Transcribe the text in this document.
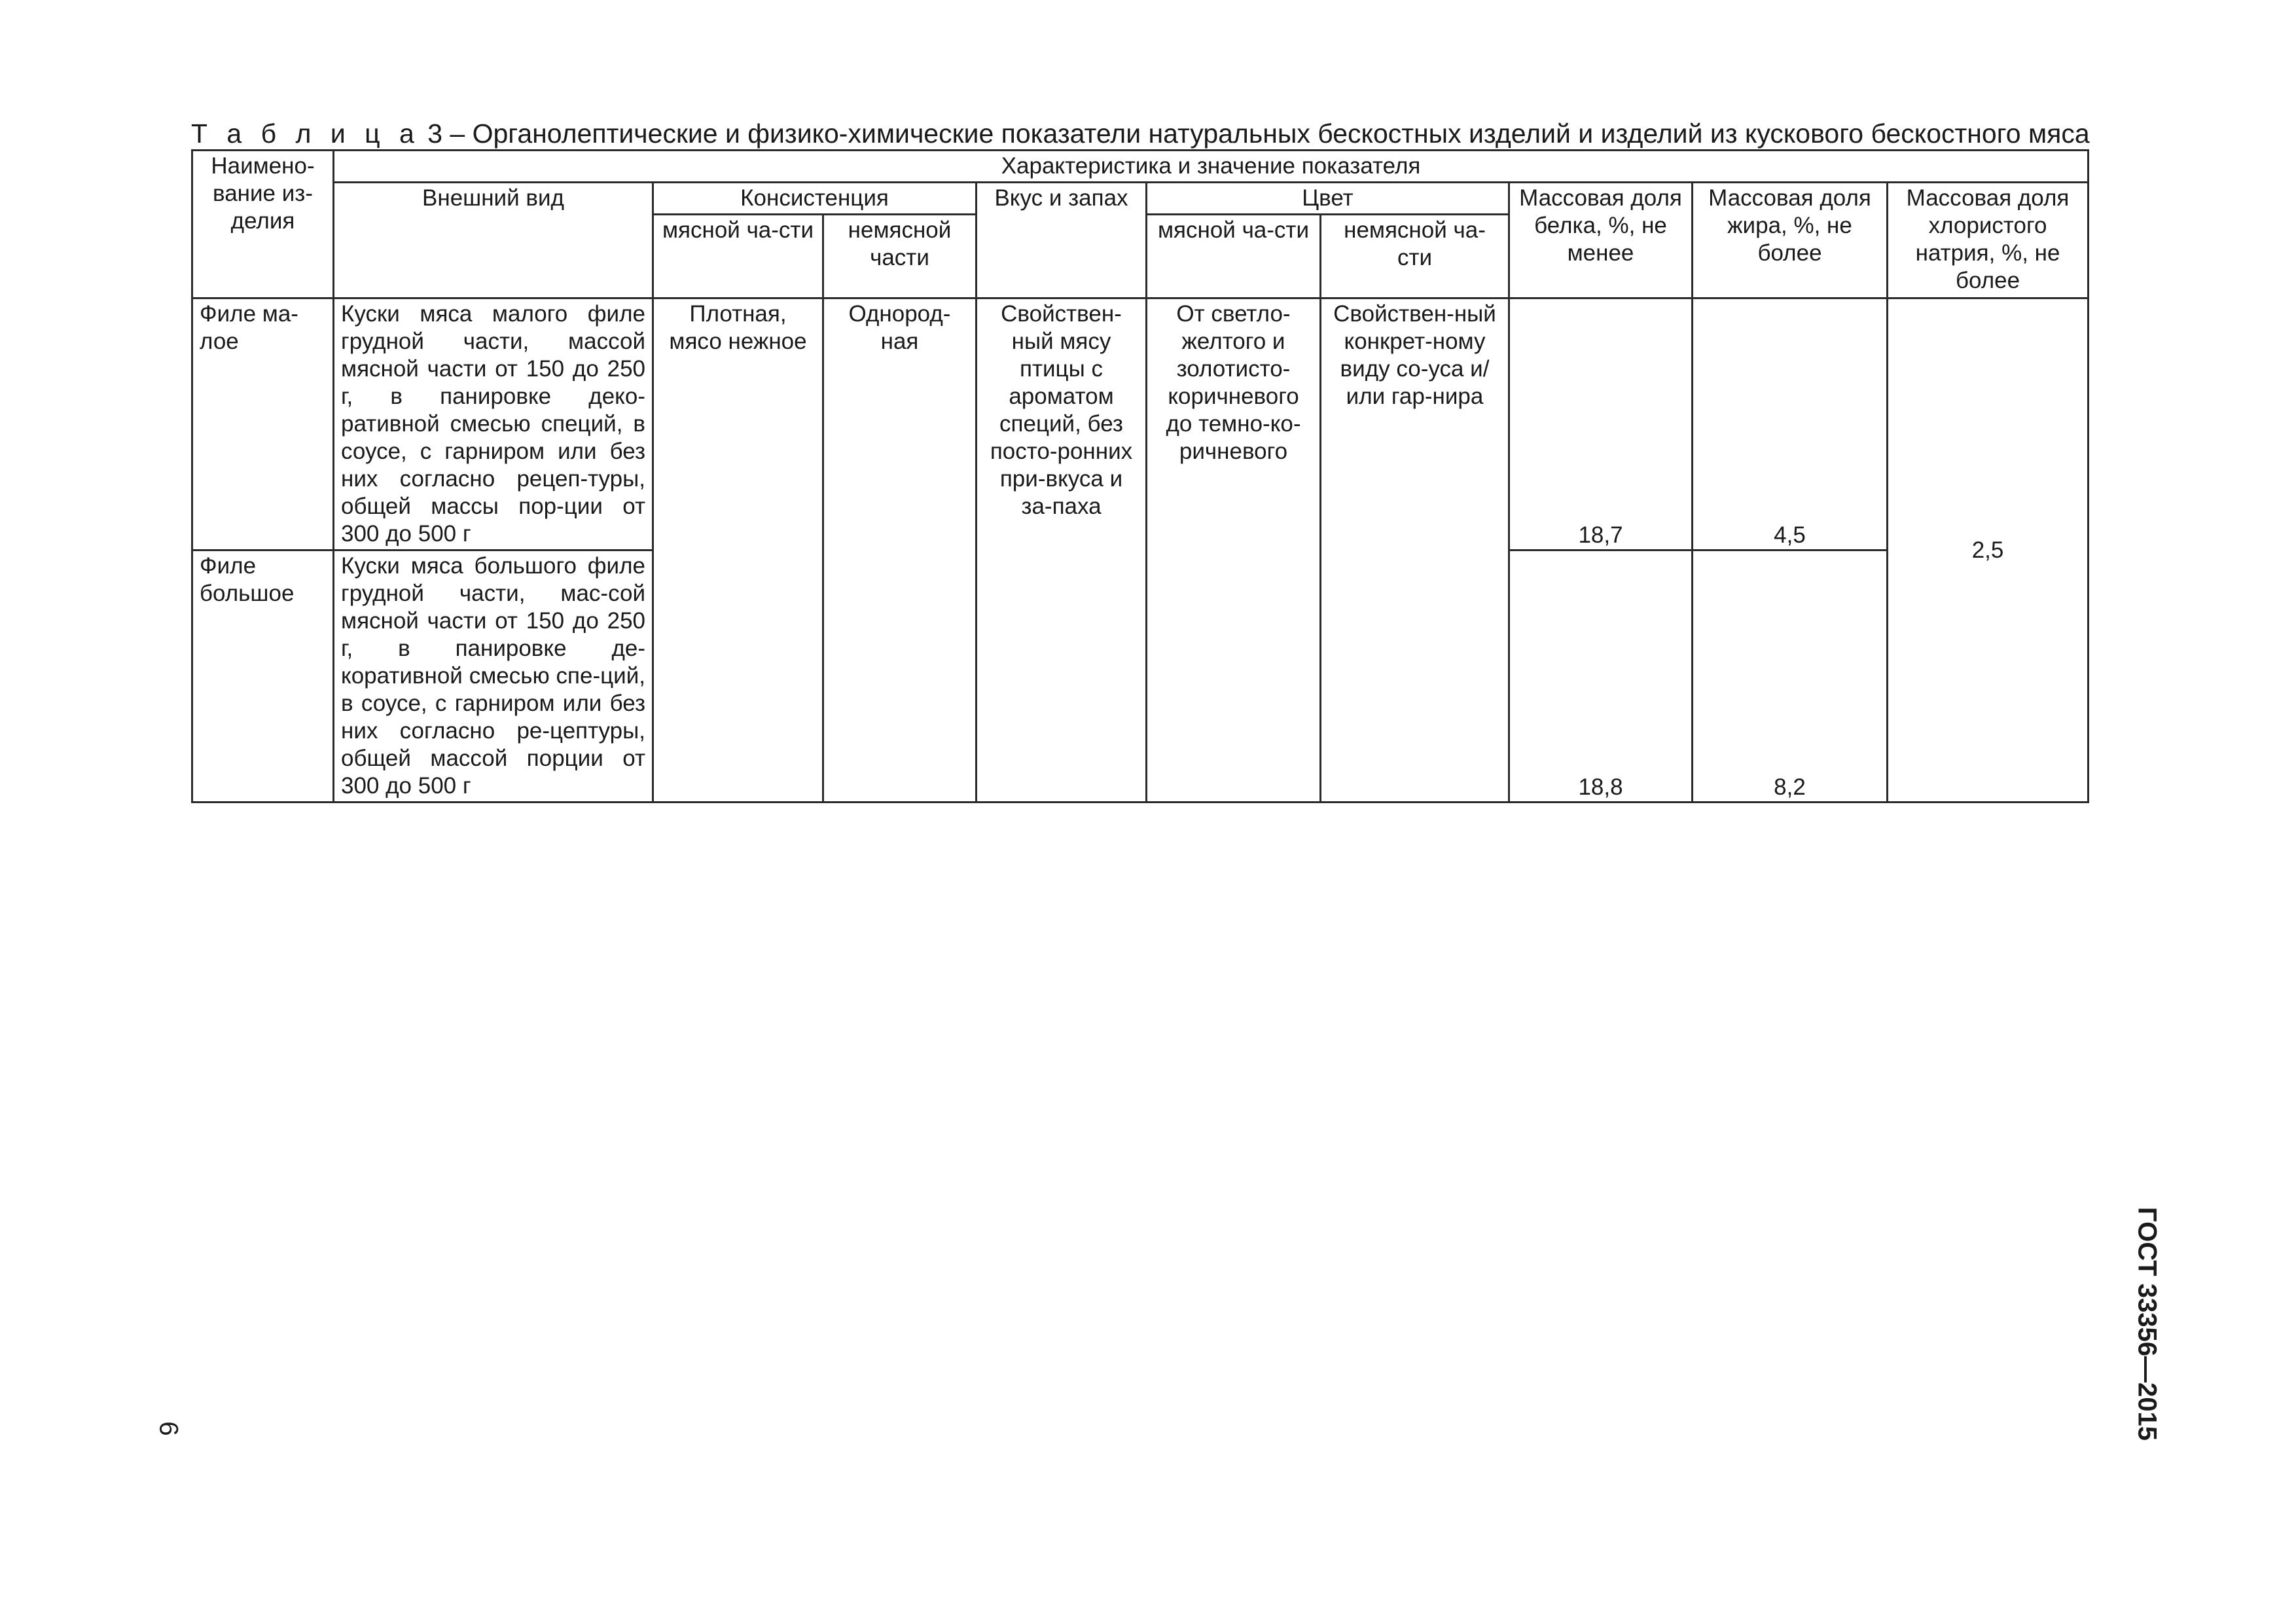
Т а б л и ц а 3 – Органолептические и физико-химические показатели натуральных бескостных изделий и изделий из кускового бескостного мяса
Наимено-вание из-делия	Характеристика и значение показателя								
	Внешний вид	Консистенция		Вкус и запах	Цвет		Массовая доля белка, %, не менее	Массовая доля жира, %, не более	Массовая доля хлористого натрия, %, не более
		мясной ча-сти	немясной части		мясной ча-сти	немясной ча-сти			
Филе ма-лое	Куски мяса малого филе грудной части, массой мясной части от 150 до 250 г, в панировке деко-ративной смесью специй, в соусе, с гарниром или без них согласно рецеп-туры, общей массы пор-ции от 300 до 500 г	Плотная, мясо нежное	Однород-ная	Свойствен-ный мясу птицы с ароматом специй, без посто-ронних при-вкуса и за-паха	От светло-желтого и золотисто-коричневого до темно-ко-ричневого	Свойствен-ный конкрет-ному виду со-уса и/или гар-нира	18,7	4,5	2,5
Филе большое	Куски мяса большого филе грудной части, мас-сой мясной части от 150 до 250 г, в панировке де-коративной смесью спе-ций, в соусе, с гарниром или без них согласно ре-цептуры, общей массой порции от 300 до 500 г						18,8	8,2	
6	ГОСТ 33356—2015
